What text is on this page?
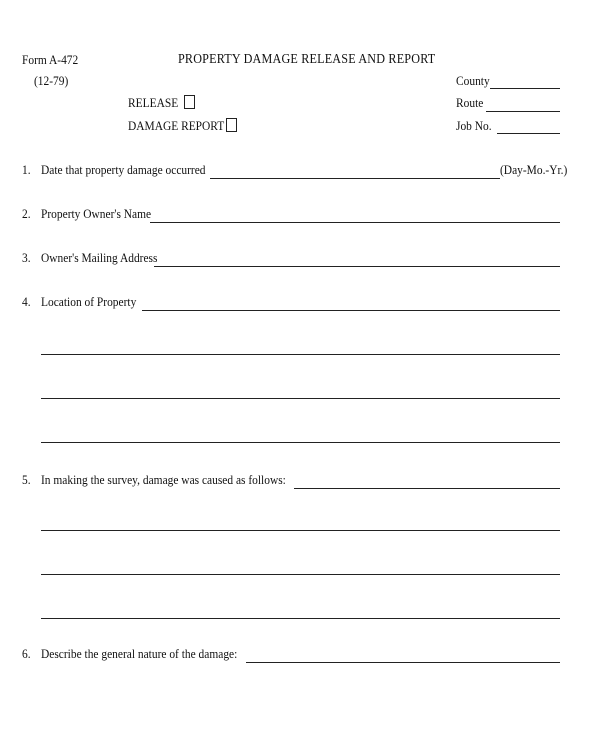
Form A-472
(12-79)
PROPERTY DAMAGE RELEASE AND REPORT
RELEASE
DAMAGE REPORT
County
Route
Job No.
1. Date that property damage occurred	(Day-Mo.-Yr.)
2. Property Owner's Name
3. Owner's Mailing Address
4. Location of Property
5. In making the survey, damage was caused as follows:
6. Describe the general nature of the damage:
